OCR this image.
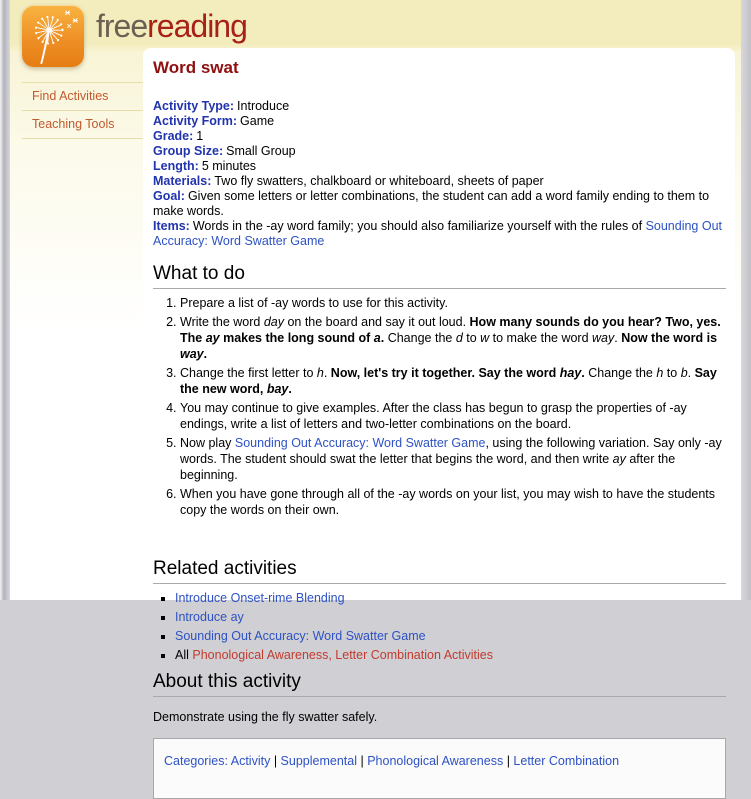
freereading
Find Activities
Teaching Tools
Word swat
Activity Type: Introduce
Activity Form: Game
Grade: 1
Group Size: Small Group
Length: 5 minutes
Materials: Two fly swatters, chalkboard or whiteboard, sheets of paper
Goal: Given some letters or letter combinations, the student can add a word family ending to them to make words.
Items: Words in the -ay word family; you should also familiarize yourself with the rules of Sounding Out Accuracy: Word Swatter Game
What to do
1. Prepare a list of -ay words to use for this activity.
2. Write the word day on the board and say it out loud. How many sounds do you hear? Two, yes. The ay makes the long sound of a. Change the d to w to make the word way. Now the word is way.
3. Change the first letter to h. Now, let's try it together. Say the word hay. Change the h to b. Say the new word, bay.
4. You may continue to give examples. After the class has begun to grasp the properties of -ay endings, write a list of letters and two-letter combinations on the board.
5. Now play Sounding Out Accuracy: Word Swatter Game, using the following variation. Say only -ay words. The student should swat the letter that begins the word, and then write ay after the beginning.
6. When you have gone through all of the -ay words on your list, you may wish to have the students copy the words on their own.
Related activities
▪ Introduce Onset-rime Blending
▪ Introduce ay
▪ Sounding Out Accuracy: Word Swatter Game
▪ All Phonological Awareness, Letter Combination Activities
About this activity

Demonstrate using the fly swatter safely.

Categories: Activity | Supplemental | Phonological Awareness | Letter Combination
